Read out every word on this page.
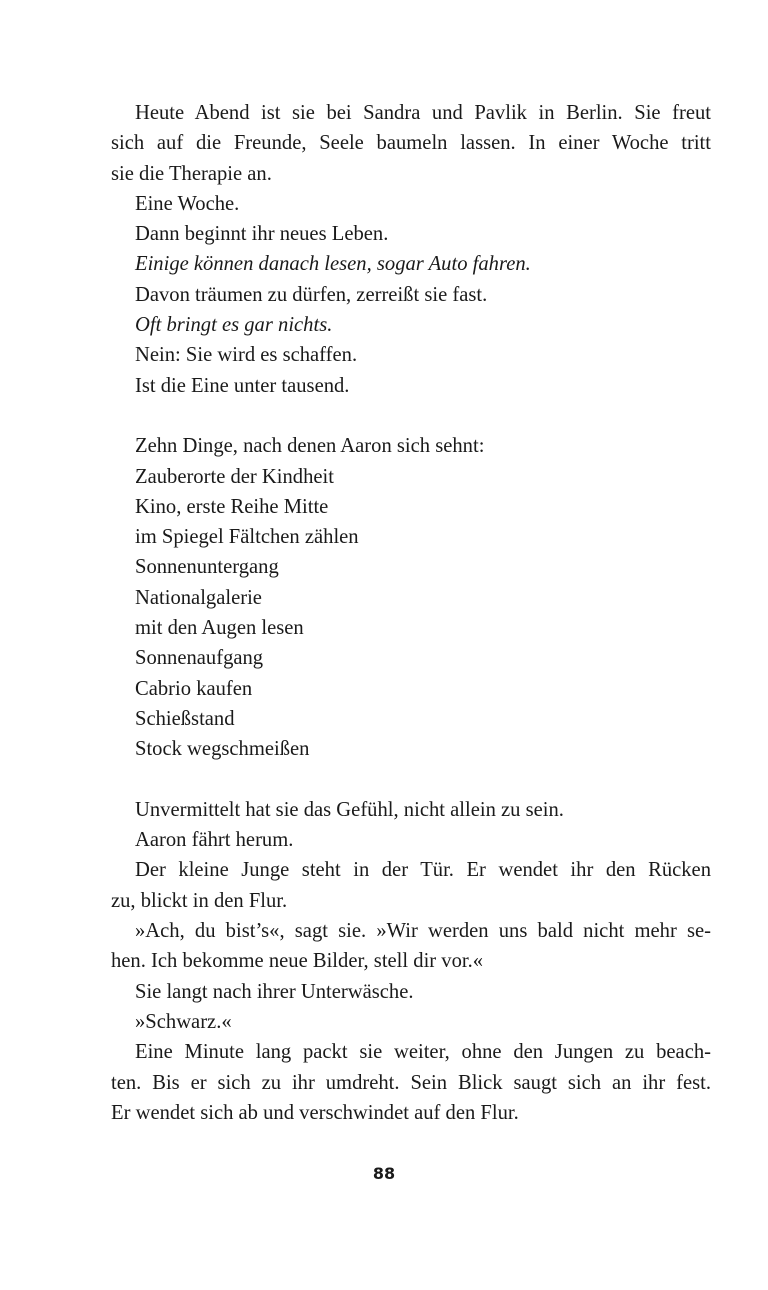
Heute Abend ist sie bei Sandra und Pavlik in Berlin. Sie freut
sich auf die Freunde, Seele baumeln lassen. In einer Woche tritt
sie die Therapie an.
Eine Woche.
Dann beginnt ihr neues Leben.
Einige können danach lesen, sogar Auto fahren.
Davon träumen zu dürfen, zerreißt sie fast.
Oft bringt es gar nichts.
Nein: Sie wird es schaffen.
Ist die Eine unter tausend.
Zehn Dinge, nach denen Aaron sich sehnt:
Zauberorte der Kindheit
Kino, erste Reihe Mitte
im Spiegel Fältchen zählen
Sonnenuntergang
Nationalgalerie
mit den Augen lesen
Sonnenaufgang
Cabrio kaufen
Schießstand
Stock wegschmeißen
Unvermittelt hat sie das Gefühl, nicht allein zu sein.
Aaron fährt herum.
Der kleine Junge steht in der Tür. Er wendet ihr den Rücken
zu, blickt in den Flur.
»Ach, du bist’s«, sagt sie. »Wir werden uns bald nicht mehr se-
hen. Ich bekomme neue Bilder, stell dir vor.«
Sie langt nach ihrer Unterwäsche.
»Schwarz.«
Eine Minute lang packt sie weiter, ohne den Jungen zu beach-
ten. Bis er sich zu ihr umdreht. Sein Blick saugt sich an ihr fest.
Er wendet sich ab und verschwindet auf den Flur.
88
